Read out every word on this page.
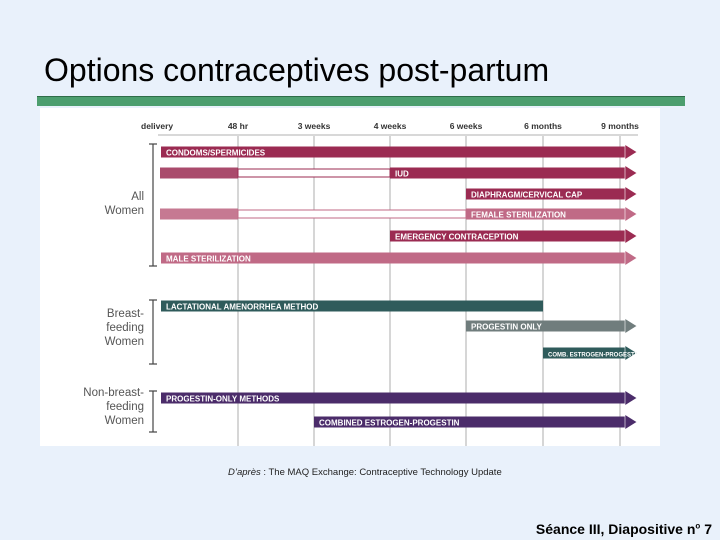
Options contraceptives post-partum
delivery	48 hr	3 weeks	4 weeks	6 weeks	6 months	9 months
CONDOMS/SPERMICIDES
IUD
DIAPHRAGM/CERVICAL CAP
FEMALE STERILIZATION
EMERGENCY CONTRACEPTION
MALE STERILIZATION
LACTATIONAL AMENORRHEA METHOD
PROGESTIN ONLY
COMB. ESTROGEN-PROGESTIN
PROGESTIN-ONLY METHODS
COMBINED ESTROGEN-PROGESTIN
All
Women
Breast-
feeding
Women
Non-breast-
feeding
Women
D’après : The MAQ Exchange: Contraceptive Technology Update
Séance III, Diapositive $n^o$ 7
